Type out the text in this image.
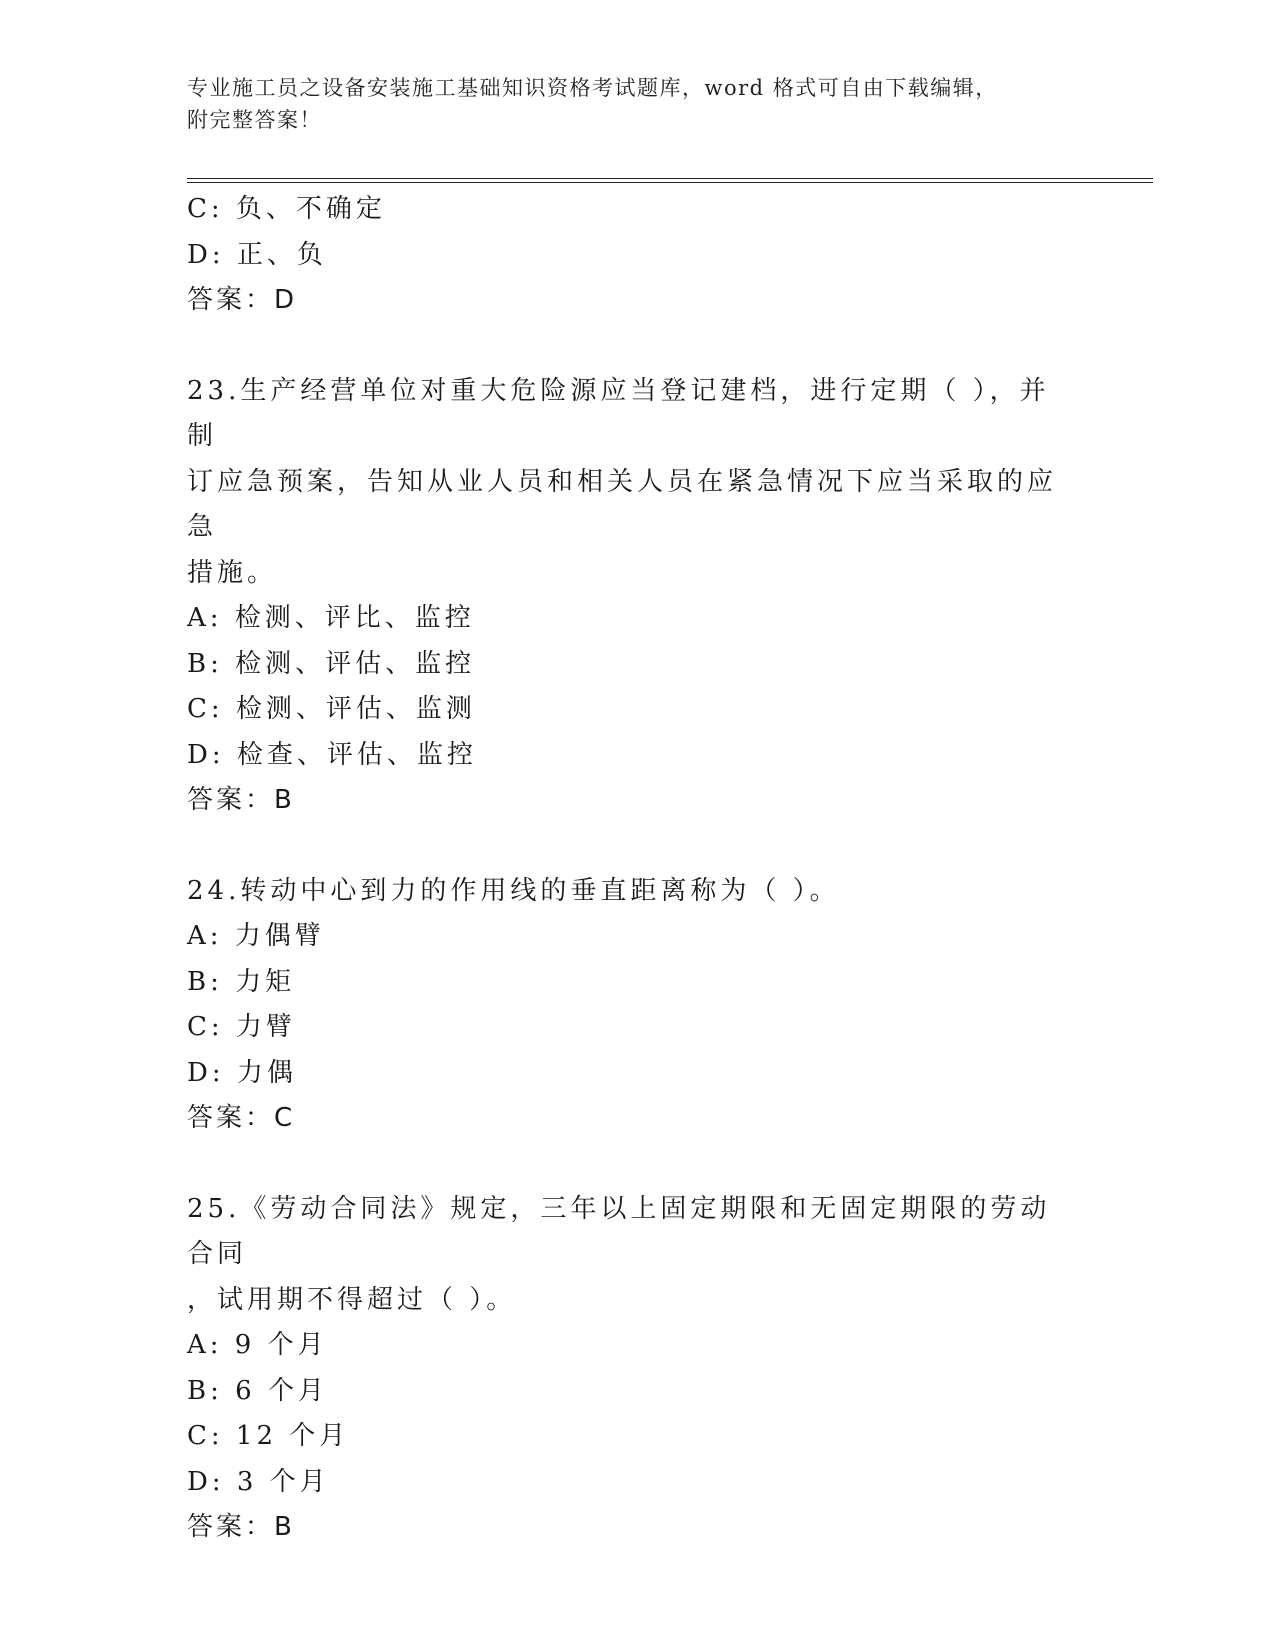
专业施工员之设备安装施工基础知识资格考试题库，word 格式可自由下载编辑，
附完整答案！
C: 负、不确定
D: 正、负
答案：D
23.生产经营单位对重大危险源应当登记建档，进行定期（ ），并制
订应急预案，告知从业人员和相关人员在紧急情况下应当采取的应急
措施。
A: 检测、评比、监控
B: 检测、评估、监控
C: 检测、评估、监测
D: 检查、评估、监控
答案：B
24.转动中心到力的作用线的垂直距离称为（ ）。
A: 力偶臂
B: 力矩
C: 力臂
D: 力偶
答案：C
25.《劳动合同法》规定，三年以上固定期限和无固定期限的劳动合同
，试用期不得超过（ ）。
A: 9 个月
B: 6 个月
C: 12 个月
D: 3 个月
答案：B
